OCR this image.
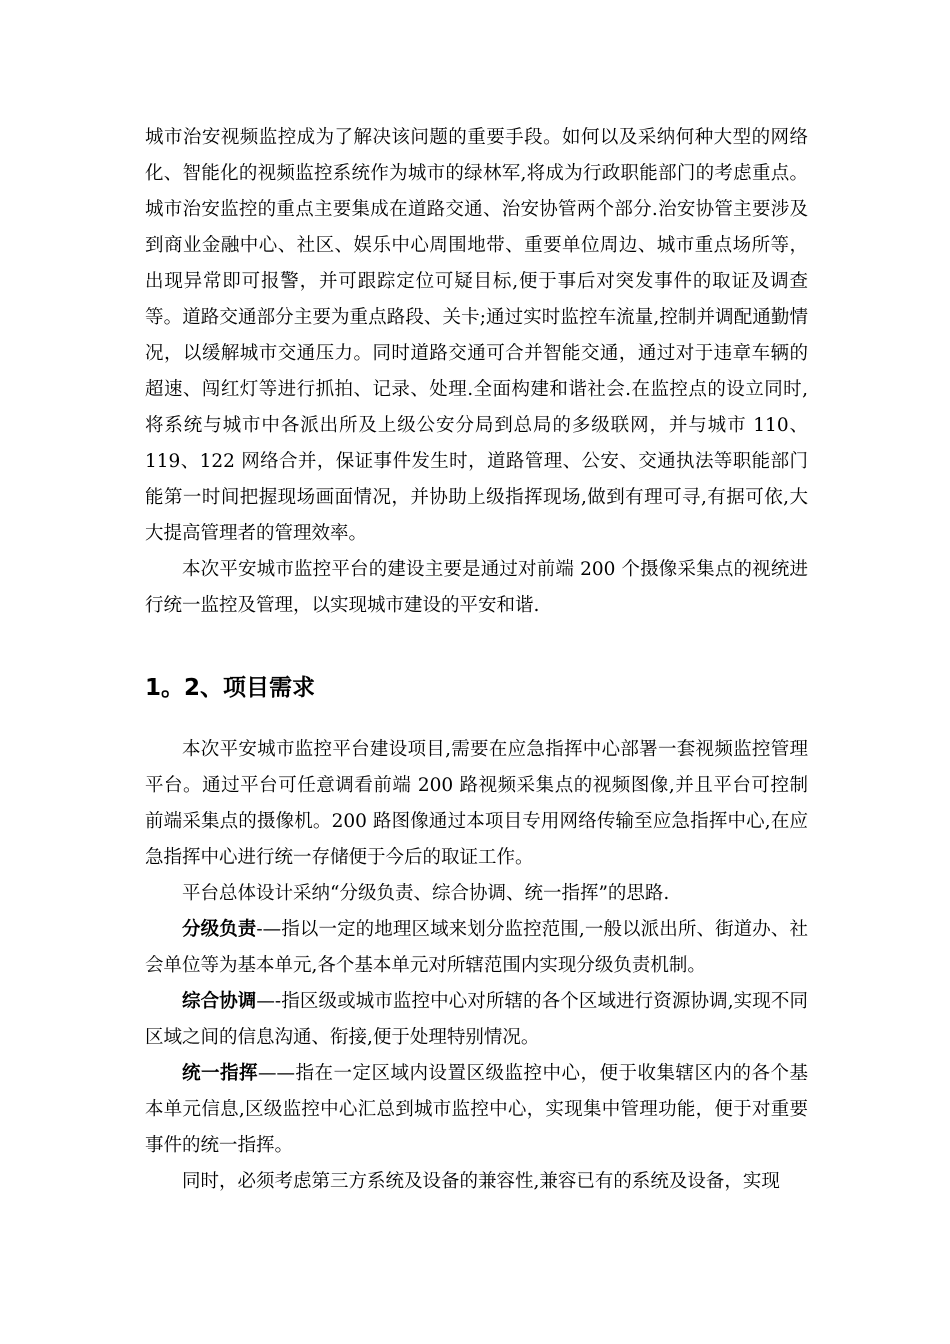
城市治安视频监控成为了解决该问题的重要手段。如何以及采纳何种大型的网络化、智能化的视频监控系统作为城市的绿林军,将成为行政职能部门的考虑重点。城市治安监控的重点主要集成在道路交通、治安协管两个部分.治安协管主要涉及到商业金融中心、社区、娱乐中心周围地带、重要单位周边、城市重点场所等，出现异常即可报警，并可跟踪定位可疑目标,便于事后对突发事件的取证及调查等。道路交通部分主要为重点路段、关卡;通过实时监控车流量,控制并调配通勤情况，以缓解城市交通压力。同时道路交通可合并智能交通，通过对于违章车辆的超速、闯红灯等进行抓拍、记录、处理.全面构建和谐社会.在监控点的设立同时,将系统与城市中各派出所及上级公安分局到总局的多级联网，并与城市 110、119、122 网络合并，保证事件发生时，道路管理、公安、交通执法等职能部门能第一时间把握现场画面情况，并协助上级指挥现场,做到有理可寻,有据可依,大大提高管理者的管理效率。

本次平安城市监控平台的建设主要是通过对前端 200 个摄像采集点的视统进行统一监控及管理，以实现城市建设的平安和谐.

1。2、项目需求

本次平安城市监控平台建设项目,需要在应急指挥中心部署一套视频监控管理平台。通过平台可任意调看前端 200 路视频采集点的视频图像,并且平台可控制前端采集点的摄像机。200 路图像通过本项目专用网络传输至应急指挥中心,在应急指挥中心进行统一存储便于今后的取证工作。

平台总体设计采纳“分级负责、综合协调、统一指挥”的思路.

分级负责-—指以一定的地理区域来划分监控范围,一般以派出所、街道办、社会单位等为基本单元,各个基本单元对所辖范围内实现分级负责机制。

综合协调—-指区级或城市监控中心对所辖的各个区域进行资源协调,实现不同区域之间的信息沟通、衔接,便于处理特别情况。

统一指挥——指在一定区域内设置区级监控中心，便于收集辖区内的各个基本单元信息,区级监控中心汇总到城市监控中心，实现集中管理功能，便于对重要事件的统一指挥。

同时，必须考虑第三方系统及设备的兼容性,兼容已有的系统及设备，实现
